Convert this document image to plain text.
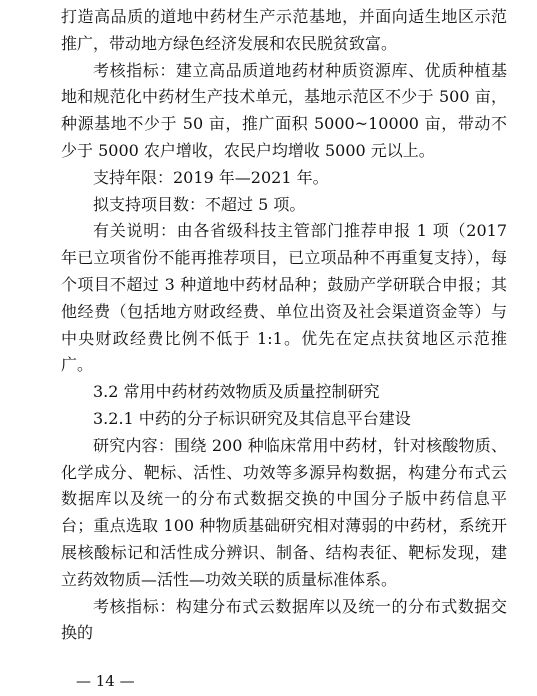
打造高品质的道地中药材生产示范基地，并面向适生地区示范推广，带动地方绿色经济发展和农民脱贫致富。

考核指标：建立高品质道地药材种质资源库、优质种植基地和规范化中药材生产技术单元，基地示范区不少于 500 亩，种源基地不少于 50 亩，推广面积 5000~10000 亩，带动不少于 5000 农户增收，农民户均增收 5000 元以上。

支持年限：2019 年—2021 年。

拟支持项目数：不超过 5 项。

有关说明：由各省级科技主管部门推荐申报 1 项（2017 年已立项省份不能再推荐项目，已立项品种不再重复支持），每个项目不超过 3 种道地中药材品种；鼓励产学研联合申报；其他经费（包括地方财政经费、单位出资及社会渠道资金等）与中央财政经费比例不低于 1:1。优先在定点扶贫地区示范推广。

3.2 常用中药材药效物质及质量控制研究

3.2.1 中药的分子标识研究及其信息平台建设

研究内容：围绕 200 种临床常用中药材，针对核酸物质、化学成分、靶标、活性、功效等多源异构数据，构建分布式云数据库以及统一的分布式数据交换的中国分子版中药信息平台；重点选取 100 种物质基础研究相对薄弱的中药材，系统开展核酸标记和活性成分辨识、制备、结构表征、靶标发现，建立药效物质—活性—功效关联的质量标准体系。

考核指标：构建分布式云数据库以及统一的分布式数据交换的

— 14 —
